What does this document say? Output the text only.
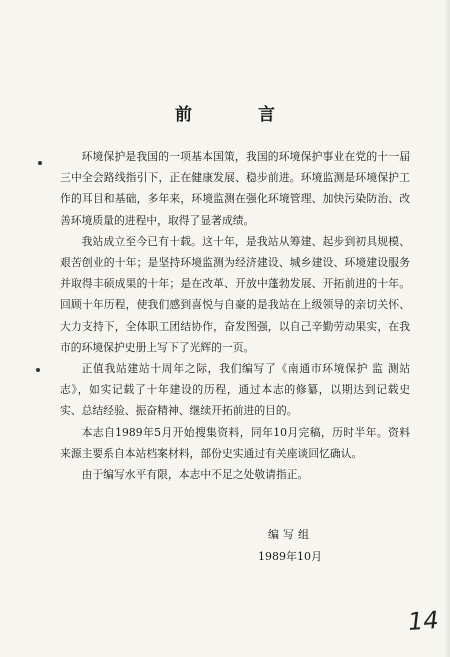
前 言

环境保护是我国的一项基本国策，我国的环境保护事业在党的十一届三中全会路线指引下，正在健康发展、稳步前进。环境监测是环境保护工作的耳目和基础，多年来，环境监测在强化环境管理、加快污染防治、改善环境质量的进程中，取得了显著成绩。

我站成立至今已有十载。这十年，是我站从筹建、起步到初具规模、艰苦创业的十年；是坚持环境监测为经济建设、城乡建设、环境建设服务并取得丰硕成果的十年；是在改革、开放中蓬勃发展、开拓前进的十年。回顾十年历程，使我们感到喜悦与自豪的是我站在上级领导的亲切关怀、大力支持下，全体职工团结协作，奋发图强，以自己辛勤劳动果实，在我市的环境保护史册上写下了光辉的一页。

正值我站建站十周年之际，我们编写了《南通市环境保护 监 测站志》，如实记载了十年建设的历程，通过本志的修纂，以期达到记载史实、总结经验、振奋精神、继续开拓前进的目的。

本志自1989年5月开始搜集资料，同年10月完稿，历时半年。资料来源主要系自本站档案材料，部份史实通过有关座谈回忆确认。

由于编写水平有限，本志中不足之处敬请指正。

编写组
1989年10月
14
